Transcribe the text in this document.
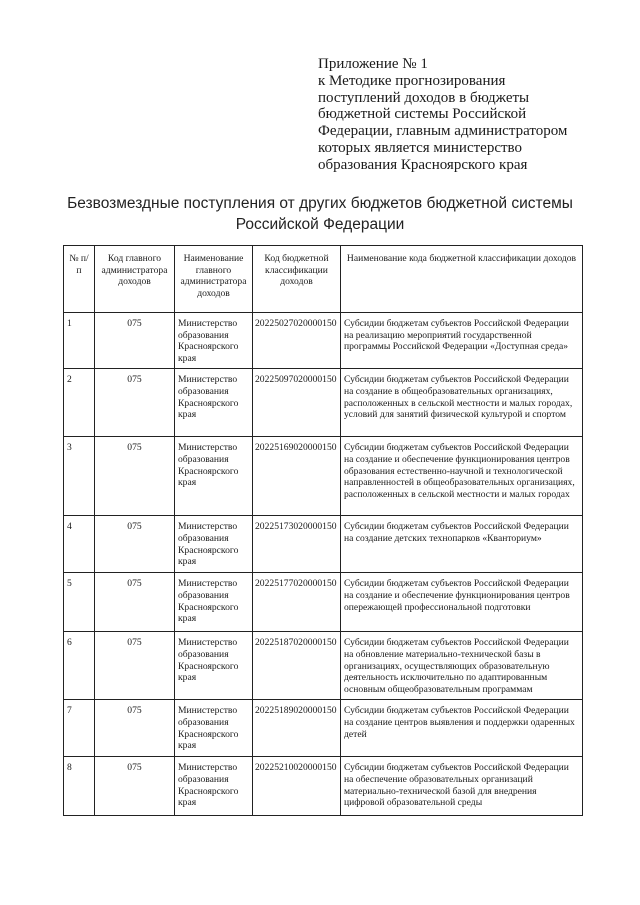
Приложение № 1
к Методике прогнозирования
поступлений доходов в бюджеты
бюджетной системы Российской
Федерации, главным администратором
которых является министерство
образования Красноярского края
Безвозмездные поступления от других бюджетов бюджетной системы
Российской Федерации
№ п/п	Код главного администратора доходов	Наименование главного администратора доходов	Код бюджетной классификации доходов	Наименование кода бюджетной классификации доходов
1	075	Министерство образования Красноярского края	20225027020000150	Субсидии бюджетам субъектов Российской Федерации на реализацию мероприятий государственной программы Российской Федерации «Доступная среда»
2	075	Министерство образования Красноярского края	20225097020000150	Субсидии бюджетам субъектов Российской Федерации на создание в общеобразовательных организациях, расположенных в сельской местности и малых городах, условий для занятий физической культурой и спортом
3	075	Министерство образования Красноярского края	20225169020000150	Субсидии бюджетам субъектов Российской Федерации на создание и обеспечение функционирования центров образования естественно-научной и технологической направленностей в общеобразовательных организациях, расположенных в сельской местности и малых городах
4	075	Министерство образования Красноярского края	20225173020000150	Субсидии бюджетам субъектов Российской Федерации на создание детских технопарков «Кванториум»
5	075	Министерство образования Красноярского края	20225177020000150	Субсидии бюджетам субъектов Российской Федерации на создание и обеспечение функционирования центров опережающей профессиональной подготовки
6	075	Министерство образования Красноярского края	20225187020000150	Субсидии бюджетам субъектов Российской Федерации на обновление материально-технической базы в организациях, осуществляющих образовательную деятельность исключительно по адаптированным основным общеобразовательным программам
7	075	Министерство образования Красноярского края	20225189020000150	Субсидии бюджетам субъектов Российской Федерации на создание центров выявления и поддержки одаренных детей
8	075	Министерство образования Красноярского края	20225210020000150	Субсидии бюджетам субъектов Российской Федерации на обеспечение образовательных организаций материально-технической базой для внедрения цифровой образовательной среды
